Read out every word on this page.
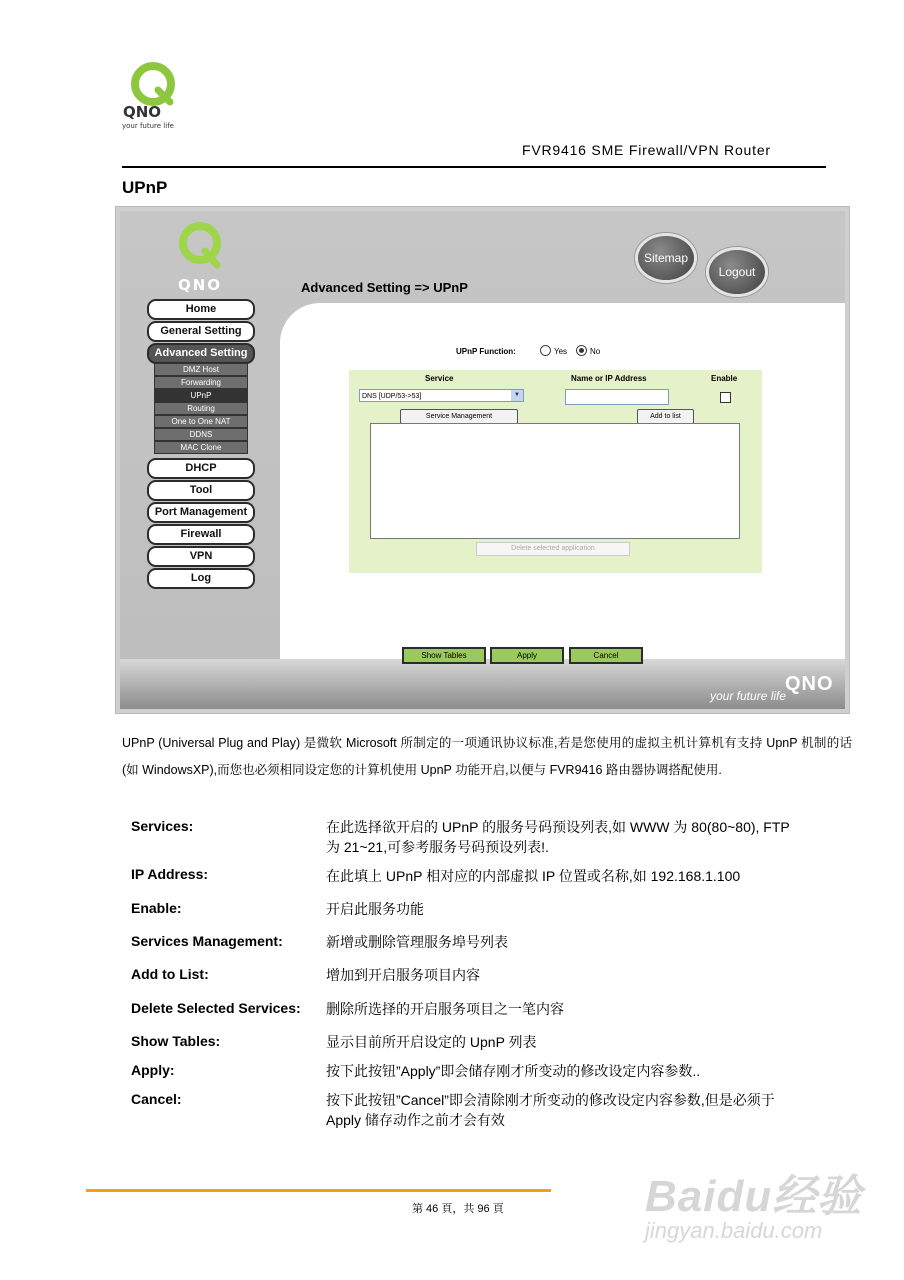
QNO
your future life
FVR9416 SME Firewall/VPN Router
UPnP
QNO
Sitemap
Logout
Advanced Setting => UPnP
Home
General Setting
Advanced Setting
DMZ Host
Forwarding
UPnP
Routing
One to One NAT
DDNS
MAC Clone
DHCP
Tool
Port Management
Firewall
VPN
Log
UPnP Function:	Yes	No
Service	Name or IP Address	Enable
DNS [UDP/53->53]	▼
Service Management	Add to list
Delete selected application
Show Tables	Apply	Cancel
your future life
QNO
UPnP (Universal Plug and Play) 是微软 Microsoft 所制定的一项通讯协议标准,若是您使用的虚拟主机计算机有支持 UpnP 机制的话(如 WindowsXP),而您也必须相同设定您的计算机使用 UpnP 功能开启,以便与 FVR9416 路由器协调搭配使用.
Services:	在此选择欲开启的 UPnP 的服务号码预设列表,如 WWW 为 80(80~80), FTP 为 21~21,可参考服务号码预设列表!.
IP Address:	在此填上 UPnP 相对应的内部虚拟 IP 位置或名称,如 192.168.1.100
Enable:	开启此服务功能
Services Management:	新增或删除管理服务埠号列表
Add to List:	增加到开启服务项目内容
Delete Selected Services: 删除所选择的开启服务项目之一笔内容
Show Tables:	显示目前所开启设定的 UpnP 列表
Apply:	按下此按钮”Apply”即会储存刚才所变动的修改设定内容参数..
Cancel:	按下此按钮”Cancel”即会清除刚才所变动的修改设定内容参数,但是必须于 Apply 储存动作之前才会有效
第 46 頁，共 96 頁	Baidu经验
jingyan.baidu.com
